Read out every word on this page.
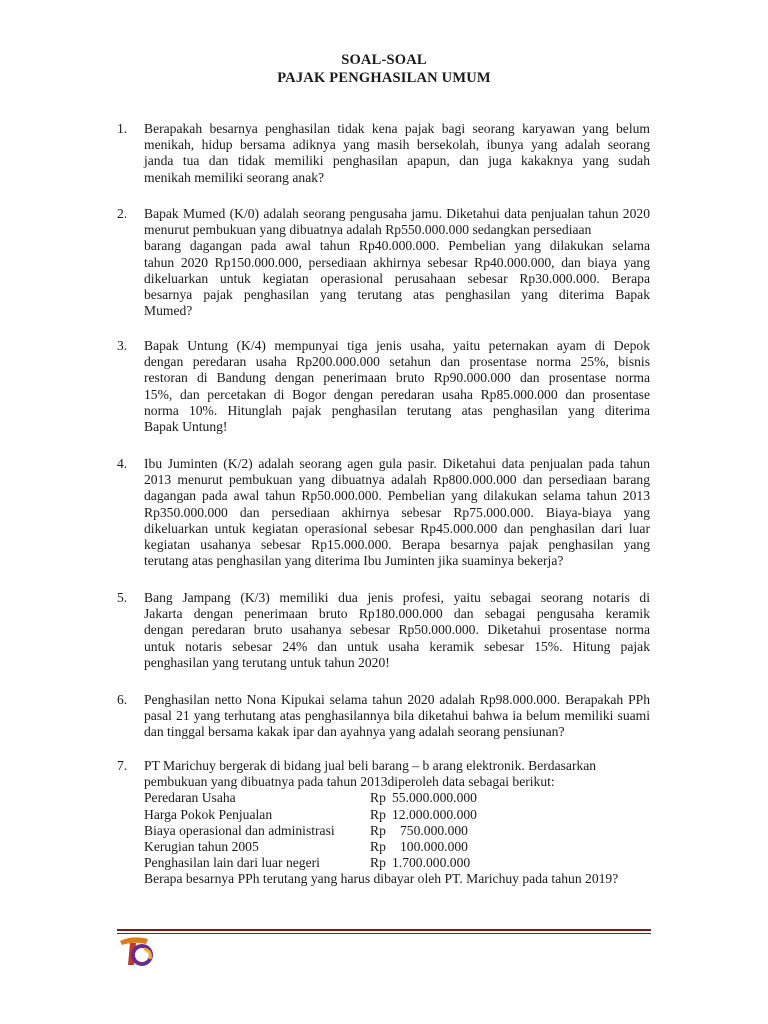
SOAL-SOAL
PAJAK PENGHASILAN UMUM
1. Berapakah besarnya penghasilan tidak kena pajak bagi seorang karyawan yang belum
menikah, hidup bersama adiknya yang masih bersekolah, ibunya yang adalah seorang
janda tua dan tidak memiliki penghasilan apapun, dan juga kakaknya yang sudah
menikah memiliki seorang anak?
2. Bapak Mumed (K/0) adalah seorang pengusaha jamu. Diketahui data penjualan tahun 2020
menurut pembukuan yang dibuatnya adalah Rp550.000.000 sedangkan persediaan
barang dagangan pada awal tahun Rp40.000.000. Pembelian yang dilakukan selama
tahun 2020 Rp150.000.000, persediaan akhirnya sebesar Rp40.000.000, dan biaya yang
dikeluarkan untuk kegiatan operasional perusahaan sebesar Rp30.000.000. Berapa
besarnya pajak penghasilan yang terutang atas penghasilan yang diterima Bapak
Mumed?
3. Bapak Untung (K/4) mempunyai tiga jenis usaha, yaitu peternakan ayam di Depok
dengan peredaran usaha Rp200.000.000 setahun dan prosentase norma 25%, bisnis
restoran di Bandung dengan penerimaan bruto Rp90.000.000 dan prosentase norma
15%, dan percetakan di Bogor dengan peredaran usaha Rp85.000.000 dan prosentase
norma 10%. Hitunglah pajak penghasilan terutang atas penghasilan yang diterima
Bapak Untung!
4. Ibu Juminten (K/2) adalah seorang agen gula pasir. Diketahui data penjualan pada tahun
2013 menurut pembukuan yang dibuatnya adalah Rp800.000.000 dan persediaan barang
dagangan pada awal tahun Rp50.000.000. Pembelian yang dilakukan selama tahun 2013
Rp350.000.000 dan persediaan akhirnya sebesar Rp75.000.000. Biaya-biaya yang
dikeluarkan untuk kegiatan operasional sebesar Rp45.000.000 dan penghasilan dari luar
kegiatan usahanya sebesar Rp15.000.000. Berapa besarnya pajak penghasilan yang
terutang atas penghasilan yang diterima Ibu Juminten jika suaminya bekerja?
5. Bang Jampang (K/3) memiliki dua jenis profesi, yaitu sebagai seorang notaris di
Jakarta dengan penerimaan bruto Rp180.000.000 dan sebagai pengusaha keramik
dengan peredaran bruto usahanya sebesar Rp50.000.000. Diketahui prosentase norma
untuk notaris sebesar 24% dan untuk usaha keramik sebesar 15%. Hitung pajak
penghasilan yang terutang untuk tahun 2020!
6. Penghasilan netto Nona Kipukai selama tahun 2020 adalah Rp98.000.000. Berapakah PPh
pasal 21 yang terhutang atas penghasilannya bila diketahui bahwa ia belum memiliki suami
dan tinggal bersama kakak ipar dan ayahnya yang adalah seorang pensiunan?
7. PT Marichuy bergerak di bidang jual beli barang – b arang elektronik. Berdasarkan
pembukuan yang dibuatnya pada tahun 2013diperoleh data sebagai berikut:
Peredaran Usaha	Rp 55.000.000.000
Harga Pokok Penjualan	Rp 12.000.000.000
Biaya operasional dan administrasi	Rp	750.000.000
Kerugian tahun 2005	Rp	100.000.000
Penghasilan lain dari luar negeri	Rp 1.700.000.000
Berapa besarnya PPh terutang yang harus dibayar oleh PT. Marichuy pada tahun 2019?
